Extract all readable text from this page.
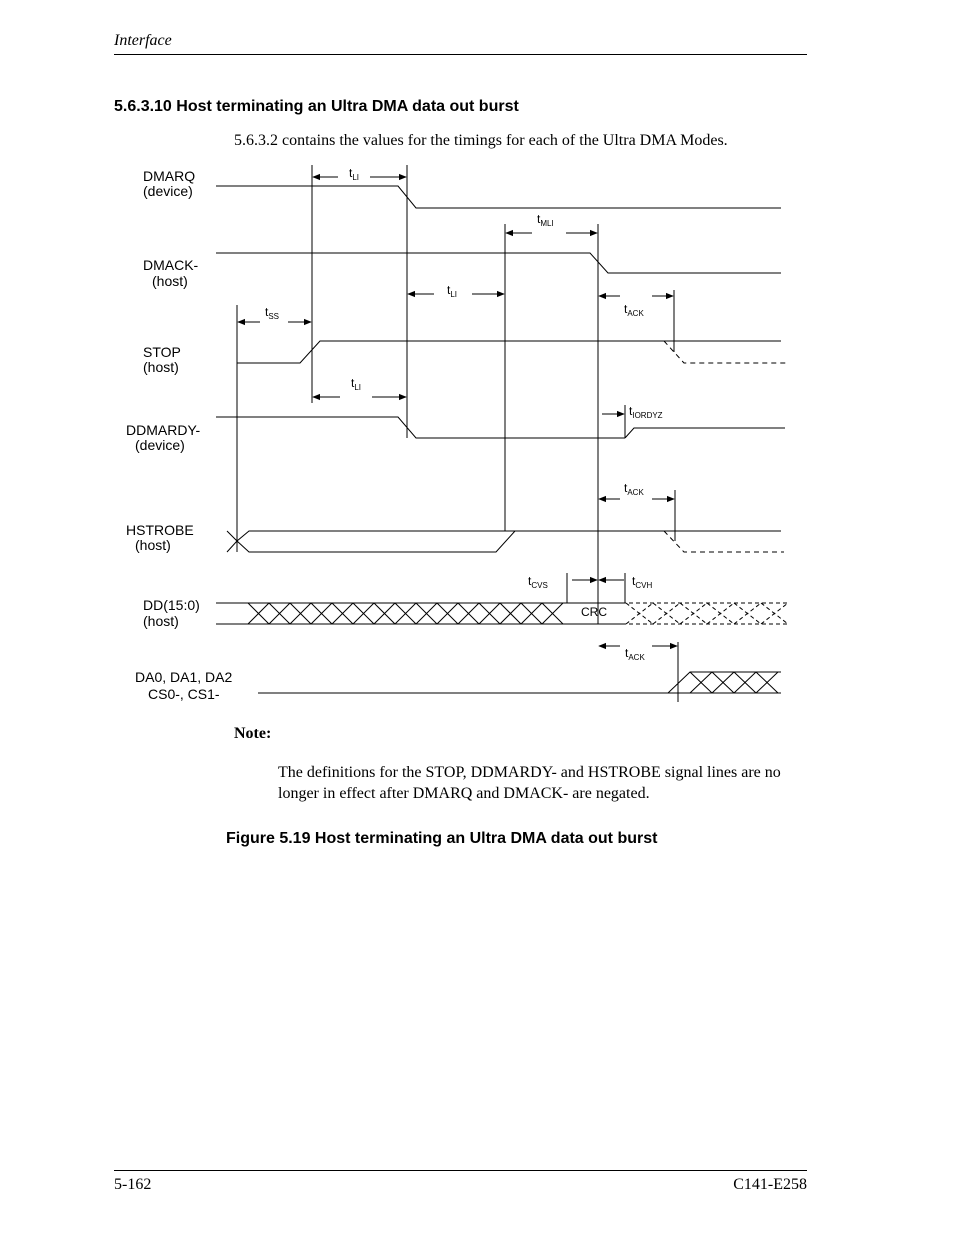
Interface
5.6.3.10 Host terminating an Ultra DMA data out burst
5.6.3.2 contains the values for the timings for each of the Ultra DMA Modes.
DMARQ
(device)
DMACK-
(host)
STOP
(host)
DDMARDY-
(device)
HSTROBE
(host)
DD(15:0)
(host)
DA0, DA1, DA2
CS0-, CS1-
tLI
tMLI
tLI
tACK
tSS
tLI
tIORDYZ
tACK
tCVS	tCVH
tACK
CRC
Note:
The definitions for the STOP, DDMARDY- and HSTROBE signal lines are no longer in effect after DMARQ and DMACK- are negated.
Figure 5.19 Host terminating an Ultra DMA data out burst
5-162	C141-E258
